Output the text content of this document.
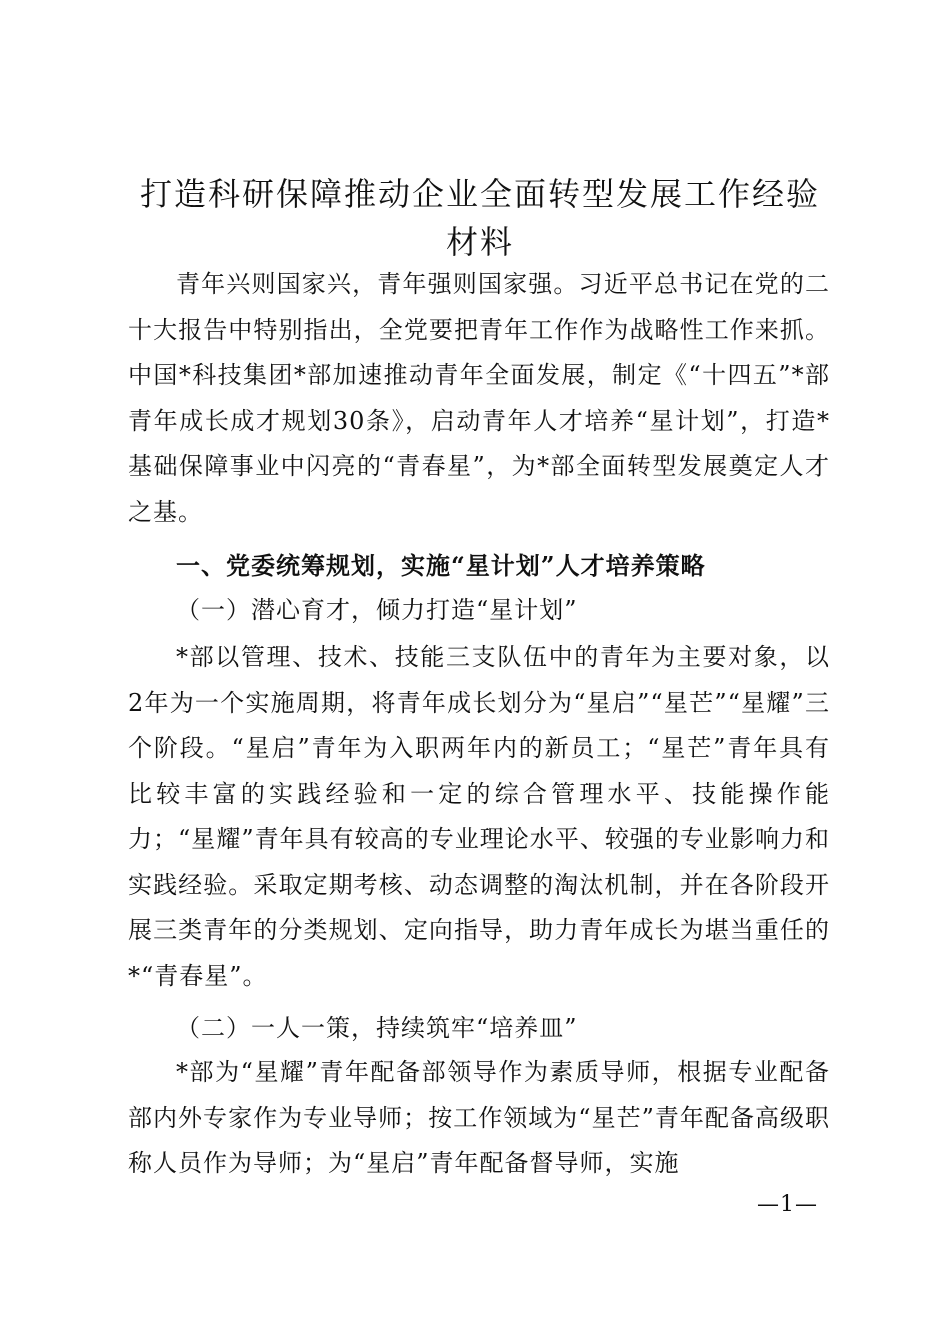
打造科研保障推动企业全面转型发展工作经验
材料

青年兴则国家兴，青年强则国家强。习近平总书记在党的二十大报告中特别指出，全党要把青年工作作为战略性工作来抓。中国*科技集团*部加速推动青年全面发展，制定《“十四五”*部青年成长成才规划30条》，启动青年人才培养“星计划”，打造*基础保障事业中闪亮的“青春星”，为*部全面转型发展奠定人才之基。

一、党委统筹规划，实施“星计划”人才培养策略

（一）潜心育才，倾力打造“星计划”

*部以管理、技术、技能三支队伍中的青年为主要对象，以2年为一个实施周期，将青年成长划分为“星启”“星芒”“星耀”三个阶段。“星启”青年为入职两年内的新员工；“星芒”青年具有比较丰富的实践经验和一定的综合管理水平、技能操作能力；“星耀”青年具有较高的专业理论水平、较强的专业影响力和实践经验。采取定期考核、动态调整的淘汰机制，并在各阶段开展三类青年的分类规划、定向指导，助力青年成长为堪当重任的*“青春星”。

（二）一人一策，持续筑牢“培养皿”

*部为“星耀”青年配备部领导作为素质导师，根据专业配备部内外专家作为专业导师；按工作领域为“星芒”青年配备高级职称人员作为导师；为“星启”青年配备督导师，实施

—1—
